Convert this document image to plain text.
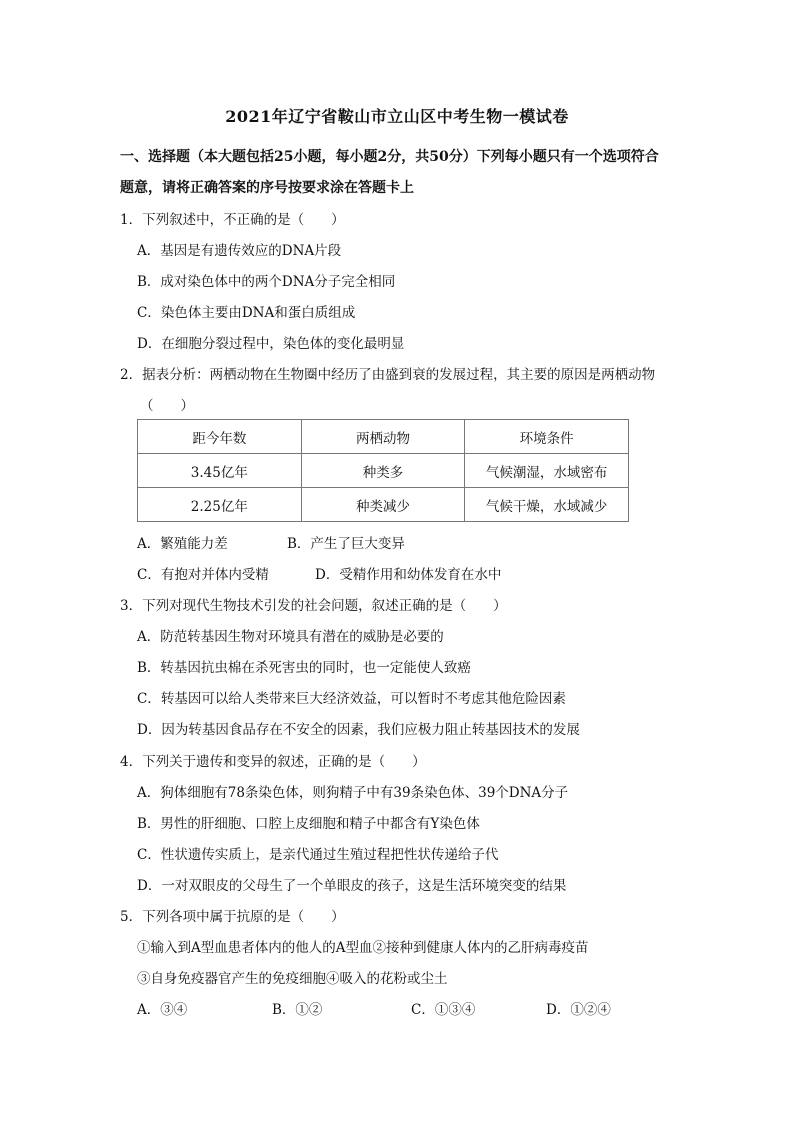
2021年辽宁省鞍山市立山区中考生物一模试卷
一、选择题（本大题包括25小题，每小题2分，共50分）下列每小题只有一个选项符合
题意，请将正确答案的序号按要求涂在答题卡上
1．下列叙述中，不正确的是（　　）
A．基因是有遗传效应的DNA片段
B．成对染色体中的两个DNA分子完全相同
C．染色体主要由DNA和蛋白质组成
D．在细胞分裂过程中，染色体的变化最明显
2．据表分析：两栖动物在生物圈中经历了由盛到衰的发展过程，其主要的原因是两栖动物
（　　）
距今年数	两栖动物	环境条件
3.45亿年	种类多	气候潮湿，水域密布
2.25亿年	种类减少	气候干燥，水域减少
A．繁殖能力差	B．产生了巨大变异
C．有抱对并体内受精	D．受精作用和幼体发育在水中
3．下列对现代生物技术引发的社会问题，叙述正确的是（　　）
A．防范转基因生物对环境具有潜在的威胁是必要的
B．转基因抗虫棉在杀死害虫的同时，也一定能使人致癌
C．转基因可以给人类带来巨大经济效益，可以暂时不考虑其他危险因素
D．因为转基因食品存在不安全的因素，我们应极力阻止转基因技术的发展
4．下列关于遗传和变异的叙述，正确的是（　　）
A．狗体细胞有78条染色体，则狗精子中有39条染色体、39个DNA分子
B．男性的肝细胞、口腔上皮细胞和精子中都含有Y染色体
C．性状遗传实质上，是亲代通过生殖过程把性状传递给子代
D．一对双眼皮的父母生了一个单眼皮的孩子，这是生活环境突变的结果
5．下列各项中属于抗原的是（　　）
①输入到A型血患者体内的他人的A型血②接种到健康人体内的乙肝病毒疫苗
③自身免疫器官产生的免疫细胞④吸入的花粉或尘土
A．③④	B．①②	C．①③④	D．①②④
